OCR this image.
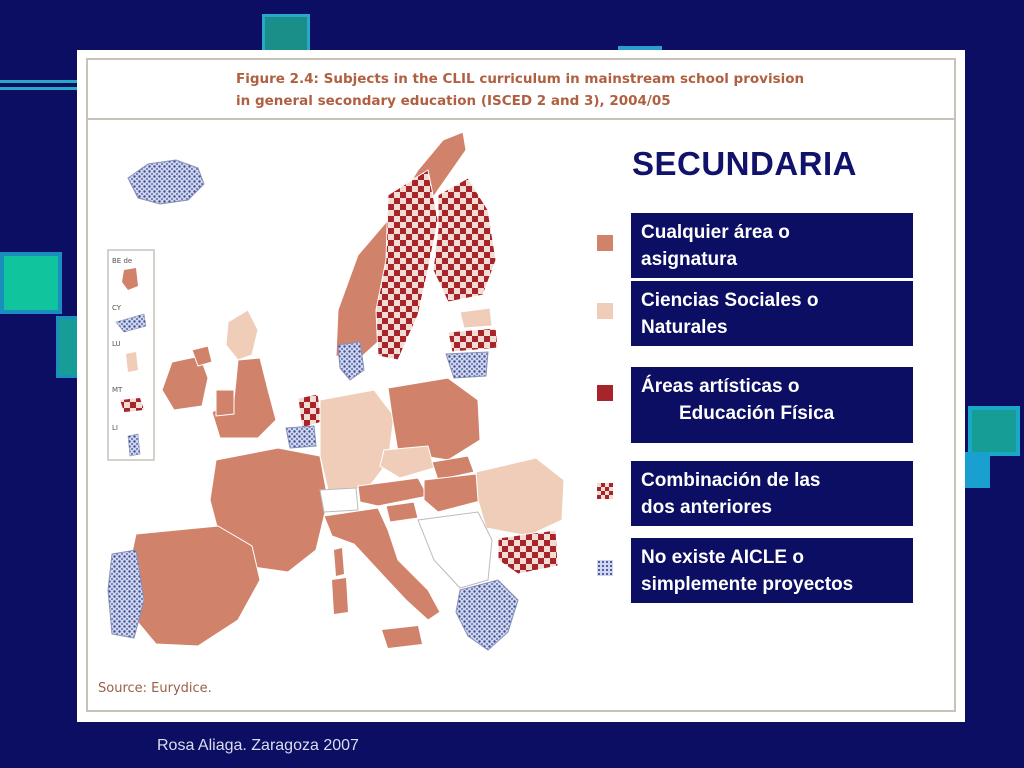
Figure 2.4: Subjects in the CLIL curriculum in mainstream school provision
in general secondary education (ISCED 2 and 3), 2004/05
BE de
CY
LU
MT
LI
Source: Eurydice.
SECUNDARIA
Cualquier área o
asignatura
Ciencias Sociales o
Naturales
Áreas artísticas o
Educación Física
Combinación de las
dos anteriores
No existe AICLE o
simplemente proyectos
Rosa Aliaga. Zaragoza 2007
